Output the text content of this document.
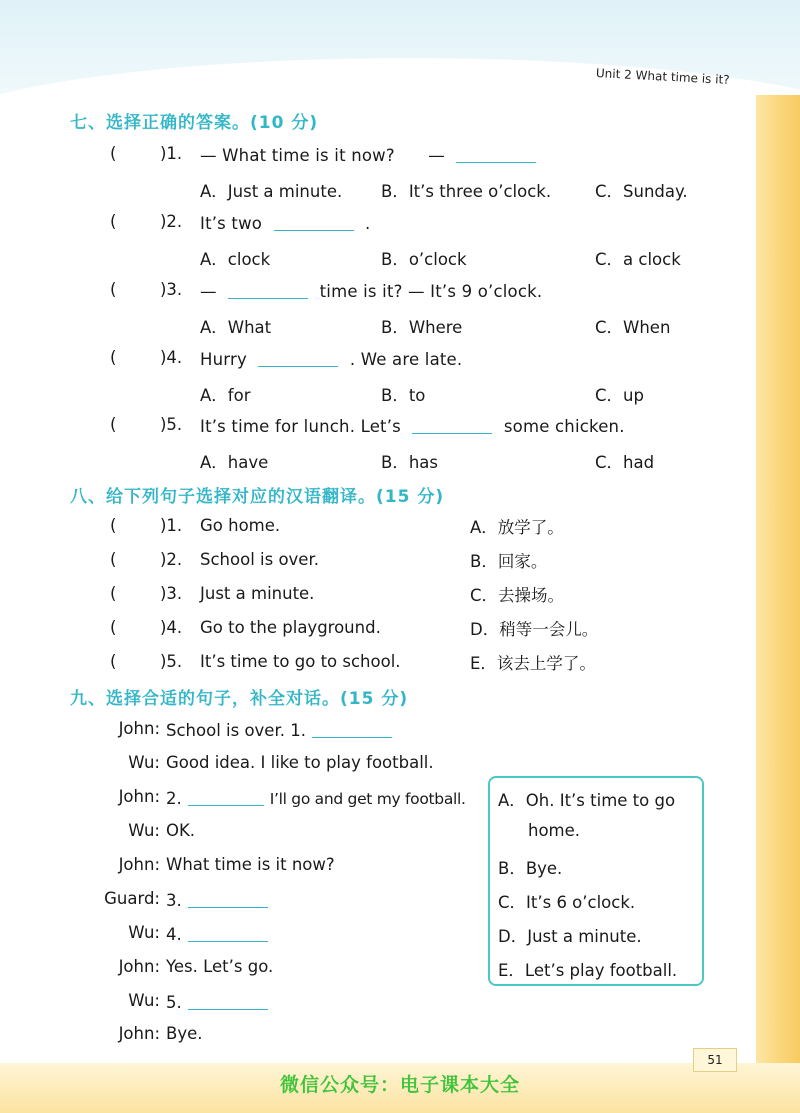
Unit 2 What time is it?
七、选择正确的答案。(10 分)
(	)1. — What time is it now? —
A．Just a minute. B．It’s three o’clock.	C．Sunday.
(	)2. It’s two	.
A．clock	B．o’clock	C．a clock
(	)3. —	time is it? — It’s 9 o’clock.
A．What	B．Where	C．When
(	)4. Hurry	. We are late.
A．for	B．to	C．up
(	)5. It’s time for lunch. Let’s	some chicken.
A．have	B．has	C．had
八、给下列句子选择对应的汉语翻译。(15 分)
(	)1. Go home.	A．放学了。
(	)2. School is over.	B．回家。
(	)3. Just a minute.	C．去操场。
(	)4. Go to the playground.	D．稍等一会儿。
(	)5. It’s time to go to school.	E．该去上学了。
九、选择合适的句子，补全对话。(15 分)
John: School is over. 1.
Wu: Good idea. I like to play football.
John: 2.	I’ll go and get my football.
Wu: OK.
John: What time is it now?
Guard: 3.
Wu: 4.
John: Yes. Let’s go.
Wu: 5.
John: Bye.
A．Oh. It’s time to go
home.
B．Bye.
C．It’s 6 o’clock.
D．Just a minute.
E．Let’s play football.
51
微信公众号：电子课本大全
